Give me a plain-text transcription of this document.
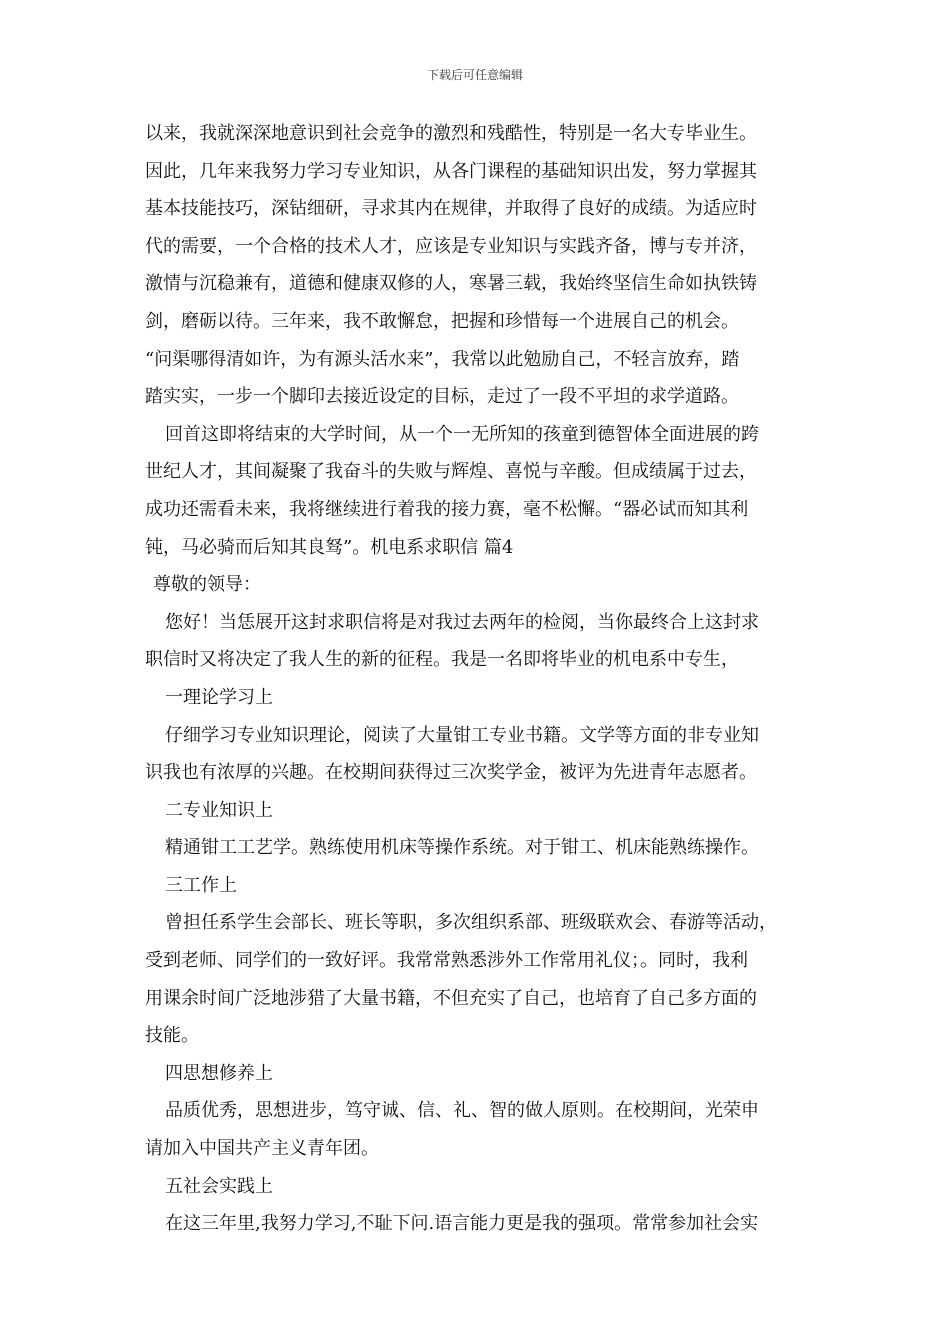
下载后可任意编辑
以来，我就深深地意识到社会竞争的激烈和残酷性，特别是一名大专毕业生。
因此，几年来我努力学习专业知识，从各门课程的基础知识出发，努力掌握其
基本技能技巧，深钻细研，寻求其内在规律，并取得了良好的成绩。为适应时
代的需要，一个合格的技术人才，应该是专业知识与实践齐备，博与专并济，
激情与沉稳兼有，道德和健康双修的人，寒暑三载，我始终坚信生命如执铁铸
剑，磨砺以待。三年来，我不敢懈怠，把握和珍惜每一个进展自己的机会。
“问渠哪得清如许，为有源头活水来”，我常以此勉励自己，不轻言放弃，踏
踏实实，一步一个脚印去接近设定的目标，走过了一段不平坦的求学道路。
回首这即将结束的大学时间，从一个一无所知的孩童到德智体全面进展的跨
世纪人才，其间凝聚了我奋斗的失败与辉煌、喜悦与辛酸。但成绩属于过去，
成功还需看未来，我将继续进行着我的接力赛，毫不松懈。“器必试而知其利
钝，马必骑而后知其良驽”。机电系求职信 篇4
尊敬的领导：
您好！当恁展开这封求职信将是对我过去两年的检阅，当你最终合上这封求
职信时又将决定了我人生的新的征程。我是一名即将毕业的机电系中专生，
一理论学习上
仔细学习专业知识理论，阅读了大量钳工专业书籍。文学等方面的非专业知
识我也有浓厚的兴趣。在校期间获得过三次奖学金，被评为先进青年志愿者。
二专业知识上
精通钳工工艺学。熟练使用机床等操作系统。对于钳工、机床能熟练操作。
三工作上
曾担任系学生会部长、班长等职，多次组织系部、班级联欢会、春游等活动，
受到老师、同学们的一致好评。我常常熟悉涉外工作常用礼仪；。同时，我利
用课余时间广泛地涉猎了大量书籍，不但充实了自己，也培育了自己多方面的
技能。
四思想修养上
品质优秀，思想进步，笃守诚、信、礼、智的做人原则。在校期间，光荣申
请加入中国共产主义青年团。
五社会实践上
在这三年里,我努力学习,不耻下问.语言能力更是我的强项。常常参加社会实
